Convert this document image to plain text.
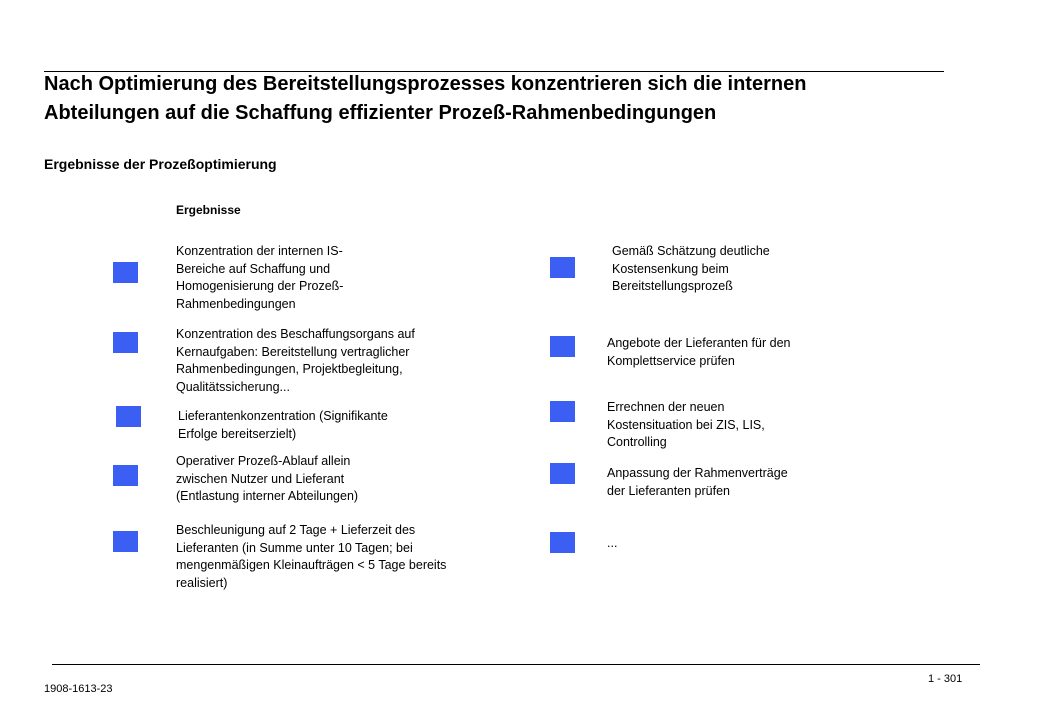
Nach Optimierung des Bereitstellungsprozesses konzentrieren sich die internen Abteilungen auf die Schaffung effizienter Prozeß-Rahmenbedingungen
Ergebnisse der Prozeßoptimierung
Ergebnisse
Konzentration der internen IS-
Bereiche auf Schaffung und
Homogenisierung der Prozeß-
Rahmenbedingungen
Konzentration des Beschaffungsorgans auf
Kernaufgaben: Bereitstellung vertraglicher
Rahmenbedingungen, Projektbegleitung,
Qualitätssicherung...
Lieferantenkonzentration (Signifikante
Erfolge bereitserzielt)
Operativer Prozeß-Ablauf allein
zwischen Nutzer und Lieferant
(Entlastung interner Abteilungen)
Beschleunigung auf 2 Tage + Lieferzeit des
Lieferanten (in Summe unter 10 Tagen; bei
mengenmäßigen Kleinaufträgen < 5 Tage bereits
realisiert)
Gemäß Schätzung deutliche
Kostensenkung beim
Bereitstellungsprozeß
Angebote der Lieferanten für den
Komplettservice prüfen
Errechnen der neuen
Kostensituation bei ZIS, LIS,
Controlling
Anpassung der Rahmenverträge
der Lieferanten prüfen
...
1 - 301
1908-1613-23
